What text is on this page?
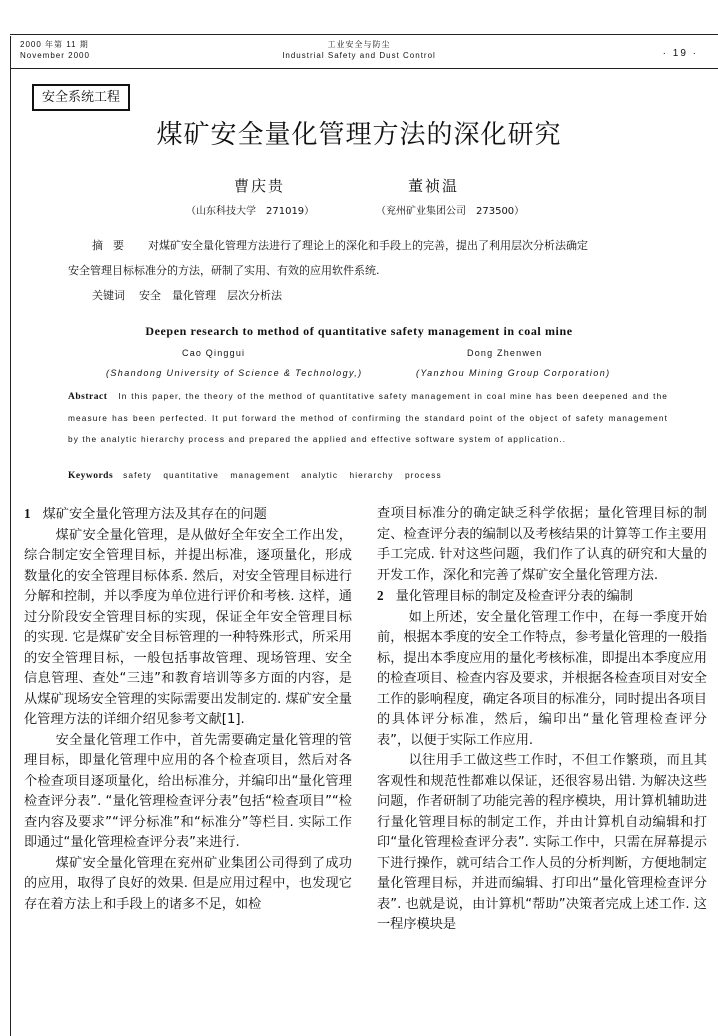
2000 年第 11 期
November 2000
工业安全与防尘
Industrial Safety and Dust Control	· 19 ·
安全系统工程
煤矿安全量化管理方法的深化研究
曹庆贵	董祯温
（山东科技大学　271019）	（兖州矿业集团公司　273500）
摘要 对煤矿安全量化管理方法进行了理论上的深化和手段上的完善，提出了利用层次分析法确定
安全管理目标标准分的方法，研制了实用、有效的应用软件系统.
关键词 安全　量化管理　层次分析法
Deepen research to method of quantitative safety management in coal mine
Cao Qinggui	Dong Zhenwen
(Shandong University of Science & Technology,)	(Yanzhou Mining Group Corporation)
Abstract In this paper, the theory of the method of quantitative safety management in coal mine has been deepened and the measure has been perfected. It put forward the method of confirming the standard point of the object of safety management by the analytic hierarchy process and prepared the applied and effective software system of application..
Keywords safety quantitative management analytic hierarchy process
1 煤矿安全量化管理方法及其存在的问题

煤矿安全量化管理，是从做好全年安全工作出发，综合制定安全管理目标，并提出标准，逐项量化，形成数量化的安全管理目标体系. 然后，对安全管理目标进行分解和控制，并以季度为单位进行评价和考核. 这样，通过分阶段安全管理目标的实现，保证全年安全管理目标的实现. 它是煤矿安全目标管理的一种特殊形式，所采用的安全管理目标，一般包括事故管理、现场管理、安全信息管理、查处“三违”和教育培训等多方面的内容，是从煤矿现场安全管理的实际需要出发制定的. 煤矿安全量化管理方法的详细介绍见参考文献[1].

安全量化管理工作中，首先需要确定量化管理的管理目标，即量化管理中应用的各个检查项目，然后对各个检查项目逐项量化，给出标准分，并编印出“量化管理检查评分表”. “量化管理检查评分表”包括“检查项目”“检查内容及要求”“评分标准”和“标准分”等栏目. 实际工作即通过“量化管理检查评分表”来进行.

煤矿安全量化管理在兖州矿业集团公司得到了成功的应用，取得了良好的效果. 但是应用过程中，也发现它存在着方法上和手段上的诸多不足，如检

查项目标准分的确定缺乏科学依据；量化管理目标的制定、检查评分表的编制以及考核结果的计算等工作主要用手工完成. 针对这些问题，我们作了认真的研究和大量的开发工作，深化和完善了煤矿安全量化管理方法.

2 量化管理目标的制定及检查评分表的编制

如上所述，安全量化管理工作中，在每一季度开始前，根据本季度的安全工作特点，参考量化管理的一般指标，提出本季度应用的量化考核标准，即提出本季度应用的检查项目、检查内容及要求，并根据各检查项目对安全工作的影响程度，确定各项目的标准分，同时提出各项目的具体评分标准，然后，编印出“量化管理检查评分表”，以便于实际工作应用.

以往用手工做这些工作时，不但工作繁琐，而且其客观性和规范性都难以保证，还很容易出错. 为解决这些问题，作者研制了功能完善的程序模块，用计算机辅助进行量化管理目标的制定工作，并由计算机自动编辑和打印“量化管理检查评分表”. 实际工作中，只需在屏幕提示下进行操作，就可结合工作人员的分析判断，方便地制定量化管理目标，并进而编辑、打印出“量化管理检查评分表”. 也就是说，由计算机“帮助”决策者完成上述工作. 这一程序模块是
